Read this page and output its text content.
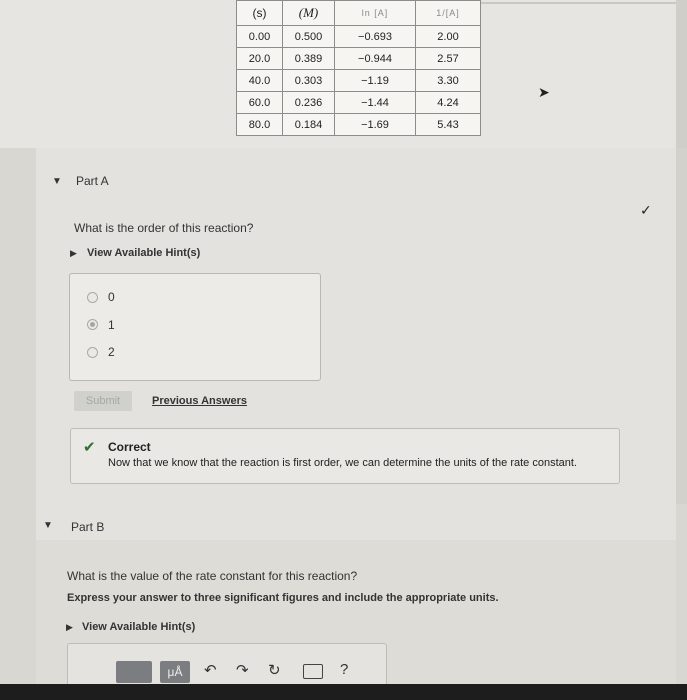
(s)	(M)	ln [A]	1/[A]
0.00	0.500	−0.693	2.00
20.0	0.389	−0.944	2.57
40.0	0.303	−1.19	3.30
60.0	0.236	−1.44	4.24
80.0	0.184	−1.69	5.43
➤
▼ Part A
✓
What is the order of this reaction?
▶ View Available Hint(s)
0
1
2
Submit	Previous Answers
✔ Correct
Now that we know that the reaction is first order, we can determine the units of the rate constant.
▼ Part B
What is the value of the rate constant for this reaction?
Express your answer to three significant figures and include the appropriate units.
▶ View Available Hint(s)
μÅ	↶ ↷ ↻	?
